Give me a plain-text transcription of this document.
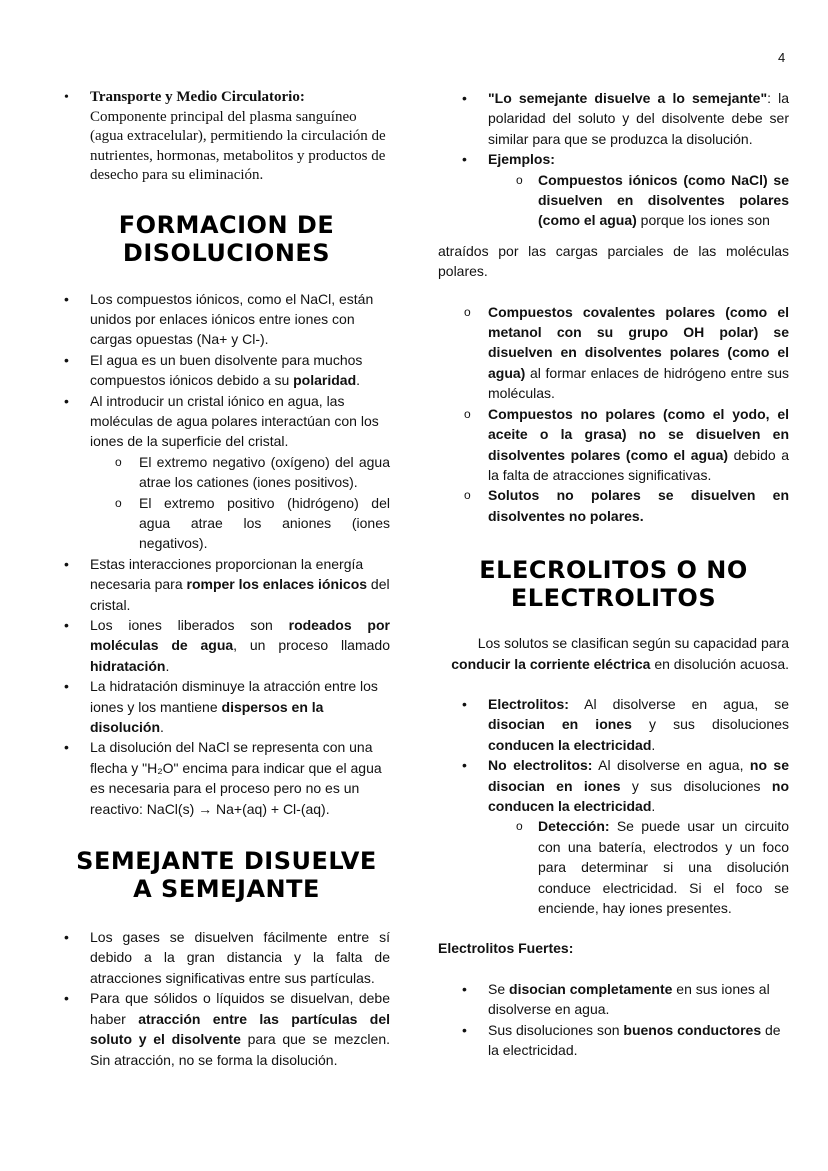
4
• Transporte y Medio Circulatorio:
Componente principal del plasma sanguíneo (agua extracelular), permitiendo la circulación de nutrientes, hormonas, metabolitos y productos de desecho para su eliminación.
FORMACION DE DISOLUCIONES
• Los compuestos iónicos, como el NaCl, están unidos por enlaces iónicos entre iones con cargas opuestas (Na+ y Cl-).
• El agua es un buen disolvente para muchos compuestos iónicos debido a su polaridad.
• Al introducir un cristal iónico en agua, las moléculas de agua polares interactúan con los iones de la superficie del cristal.
o El extremo negativo (oxígeno) del agua atrae los cationes (iones positivos).
o El extremo positivo (hidrógeno) del agua atrae los aniones (iones negativos).
• Estas interacciones proporcionan la energía necesaria para romper los enlaces iónicos del cristal.
• Los iones liberados son rodeados por moléculas de agua, un proceso llamado hidratación.
• La hidratación disminuye la atracción entre los iones y los mantiene dispersos en la disolución.
• La disolución del NaCl se representa con una flecha y "H₂O" encima para indicar que el agua es necesaria para el proceso pero no es un reactivo: NaCl(s) → Na+(aq) + Cl-(aq).
SEMEJANTE DISUELVE A SEMEJANTE
• Los gases se disuelven fácilmente entre sí debido a la gran distancia y la falta de atracciones significativas entre sus partículas.
• Para que sólidos o líquidos se disuelvan, debe haber atracción entre las partículas del soluto y el disolvente para que se mezclen. Sin atracción, no se forma la disolución.
• "Lo semejante disuelve a lo semejante": la polaridad del soluto y del disolvente debe ser similar para que se produzca la disolución.
• Ejemplos:
o Compuestos iónicos (como NaCl) se disuelven en disolventes polares (como el agua) porque los iones son

atraídos por las cargas parciales de las moléculas polares.

o Compuestos covalentes polares (como el metanol con su grupo OH polar) se disuelven en disolventes polares (como el agua) al formar enlaces de hidrógeno entre sus moléculas.
o Compuestos no polares (como el yodo, el aceite o la grasa) no se disuelven en disolventes polares (como el agua) debido a la falta de atracciones significativas.
o Solutos no polares se disuelven en disolventes no polares.
ELECROLITOS O NO ELECTROLITOS

Los solutos se clasifican según su capacidad para conducir la corriente eléctrica en disolución acuosa.

• Electrolitos: Al disolverse en agua, se disocian en iones y sus disoluciones conducen la electricidad.
• No electrolitos: Al disolverse en agua, no se disocian en iones y sus disoluciones no conducen la electricidad.
o Detección: Se puede usar un circuito con una batería, electrodos y un foco para determinar si una disolución conduce electricidad. Si el foco se enciende, hay iones presentes.

Electrolitos Fuertes:

• Se disocian completamente en sus iones al disolverse en agua.
• Sus disoluciones son buenos conductores de la electricidad.
